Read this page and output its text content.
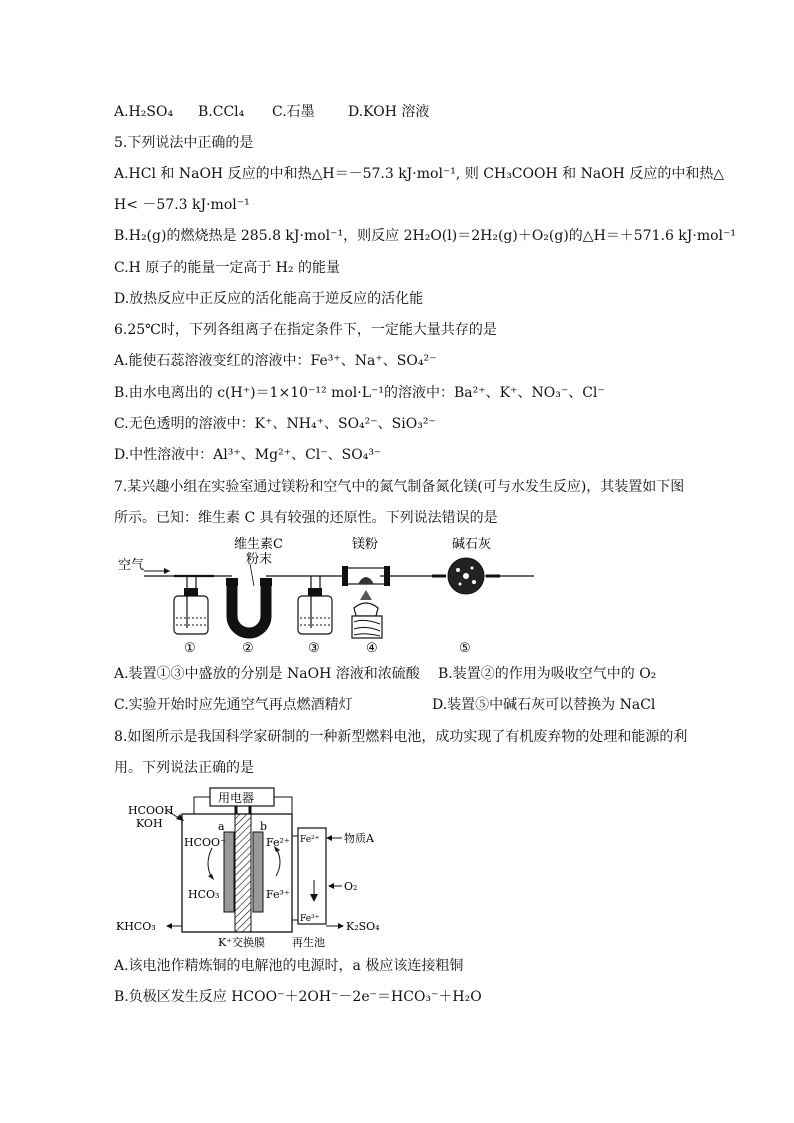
A.H₂SO₄ B.CCl₄ C.石墨 D.KOH 溶液
5.下列说法中正确的是
A.HCl 和 NaOH 反应的中和热△H＝－57.3 kJ·mol⁻¹, 则 CH₃COOH 和 NaOH 反应的中和热△
H< －57.3 kJ·mol⁻¹
B.H₂(g)的燃烧热是 285.8 kJ·mol⁻¹，则反应 2H₂O(l)＝2H₂(g)＋O₂(g)的△H＝＋571.6 kJ·mol⁻¹
C.H 原子的能量一定高于 H₂ 的能量
D.放热反应中正反应的活化能高于逆反应的活化能
6.25℃时，下列各组离子在指定条件下，一定能大量共存的是
A.能使石蕊溶液变红的溶液中：Fe³⁺、Na⁺、SO₄²⁻
B.由水电离出的 c(H⁺)＝1×10⁻¹² mol·L⁻¹的溶液中：Ba²⁺、K⁺、NO₃⁻、Cl⁻
C.无色透明的溶液中：K⁺、NH₄⁺、SO₄²⁻、SiO₃²⁻
D.中性溶液中：Al³⁺、Mg²⁺、Cl⁻、SO₄³⁻
7.某兴趣小组在实验室通过镁粉和空气中的氮气制备氮化镁(可与水发生反应)，其装置如下图
所示。已知：维生素 C 具有较强的还原性。下列说法错误的是
空气
维生素C
粉末
镁粉	碱石灰
①	②	③	④	⑤
A.装置①③中盛放的分别是 NaOH 溶液和浓硫酸 B.装置②的作用为吸收空气中的 O₂
C.实验开始时应先通空气再点燃酒精灯	D.装置⑤中碱石灰可以替换为 NaCl
8.如图所示是我国科学家研制的一种新型燃料电池，成功实现了有机废弃物的处理和能源的利
用。下列说法正确的是
用电器
HCOOH
KOH	a	b
HCOO⁻
HCO₃
Fe²⁺
Fe³⁺
Fe²⁺
Fe³⁺
物质A
O₂
KHCO₃	K₂SO₄
K⁺交换膜 再生池
A.该电池作精炼铜的电解池的电源时，a 极应该连接粗铜
B.负极区发生反应 HCOO⁻＋2OH⁻－2e⁻＝HCO₃⁻＋H₂O
